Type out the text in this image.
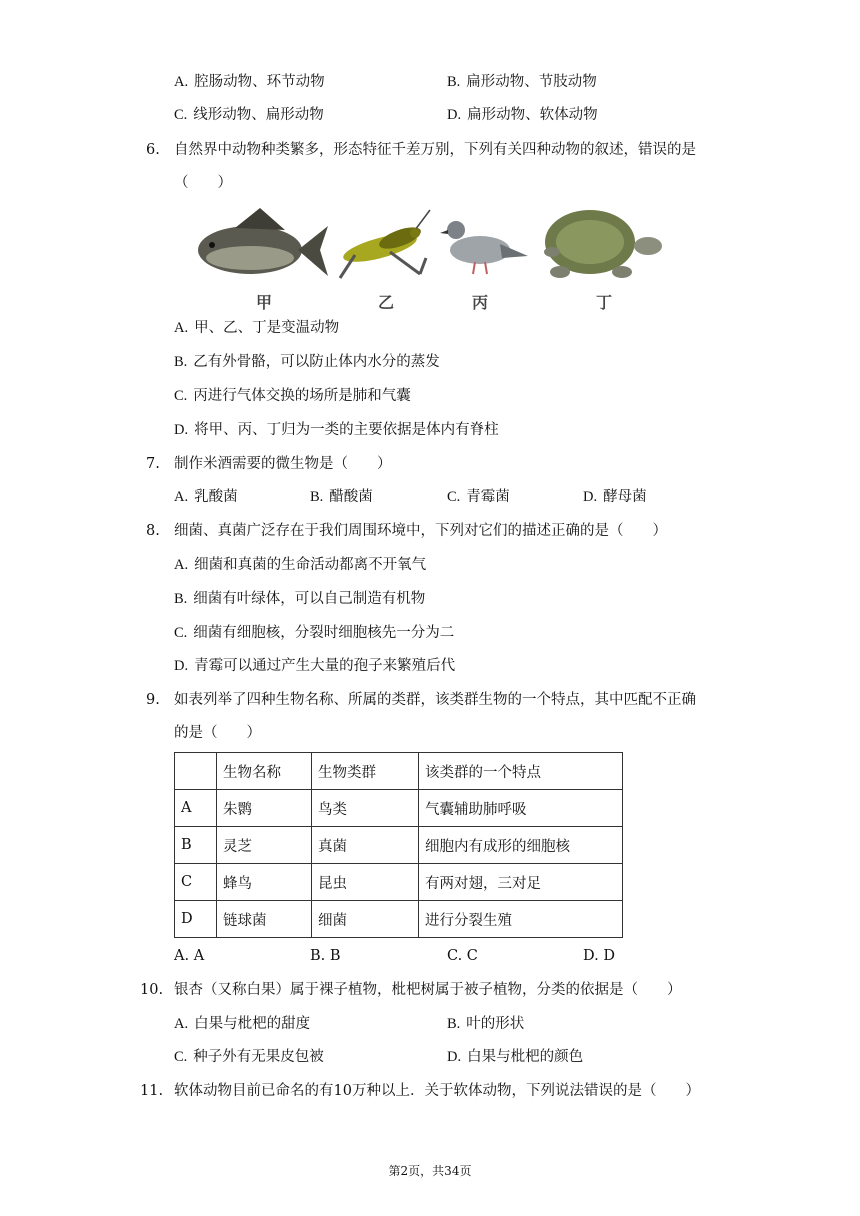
A. 腔肠动物、环节动物	B. 扁形动物、节肢动物
C. 线形动物、扁形动物	D. 扁形动物、软体动物
6. 自然界中动物种类繁多，形态特征千差万别，下列有关四种动物的叙述，错误的是
（　　）
甲	乙	丙	丁
A. 甲、乙、丁是变温动物
B. 乙有外骨骼，可以防止体内水分的蒸发
C. 丙进行气体交换的场所是肺和气囊
D. 将甲、丙、丁归为一类的主要依据是体内有脊柱
7. 制作米酒需要的微生物是（　　）
A. 乳酸菌	B. 醋酸菌	C. 青霉菌	D. 酵母菌
8. 细菌、真菌广泛存在于我们周围环境中，下列对它们的描述正确的是（　　）
A. 细菌和真菌的生命活动都离不开氧气
B. 细菌有叶绿体，可以自己制造有机物
C. 细菌有细胞核，分裂时细胞核先一分为二
D. 青霉可以通过产生大量的孢子来繁殖后代
9. 如表列举了四种生物名称、所属的类群，该类群生物的一个特点，其中匹配不正确
的是（　　）
	生物名称	生物类群	该类群的一个特点
A	朱鹮	鸟类	气囊辅助肺呼吸
B	灵芝	真菌	细胞内有成形的细胞核
C	蜂鸟	昆虫	有两对翅，三对足
D	链球菌	细菌	进行分裂生殖
A. A	B. B	C. C	D. D
10. 银杏（又称白果）属于裸子植物，枇杷树属于被子植物，分类的依据是（　　）
A. 白果与枇杷的甜度	B. 叶的形状
C. 种子外有无果皮包被	D. 白果与枇杷的颜色
11. 软体动物目前已命名的有10万种以上．关于软体动物，下列说法错误的是（　　）
第2页，共34页
